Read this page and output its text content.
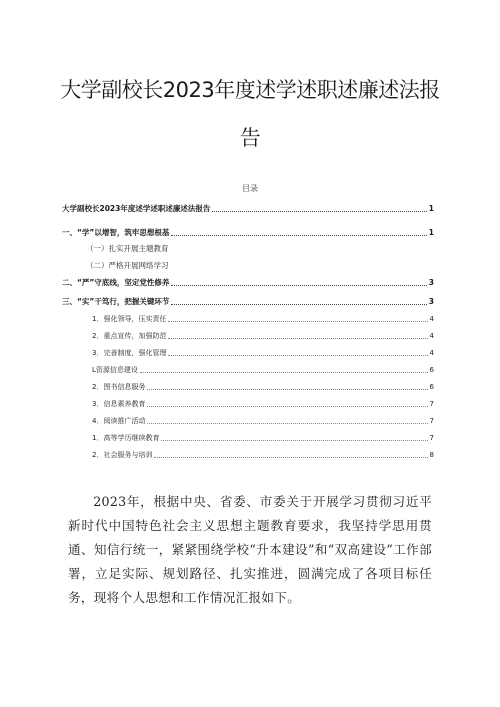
大学副校长2023年度述学述职述廉述法报
告
目录
大学副校长2023年度述学述职述廉述法报告	1
一、“学”以增智，筑牢思想根基	1
（一）扎实开展主题教育
（二）严格开展网络学习
二、“严”守底线，坚定党性修养	3
三、“实”干笃行，把握关键环节	3
1．强化领导，压实责任	4
2．重点宣传，加强防范	4
3．完善制度，强化管理	4
L资源信息建设	6
2．图书信息服务	6
3．信息素养教育	7
4．阅读推广活动	7
1．高等学历继续教育	7
2．社会服务与培训	8

2023年，根据中央、省委、市委关于开展学习贯彻习近平新时代中国特色社会主义思想主题教育要求，我坚持学思用贯通、知信行统一，紧紧围绕学校“升本建设”和“双高建设”工作部署，立足实际、规划路径、扎实推进，圆满完成了各项目标任务，现将个人思想和工作情况汇报如下。
